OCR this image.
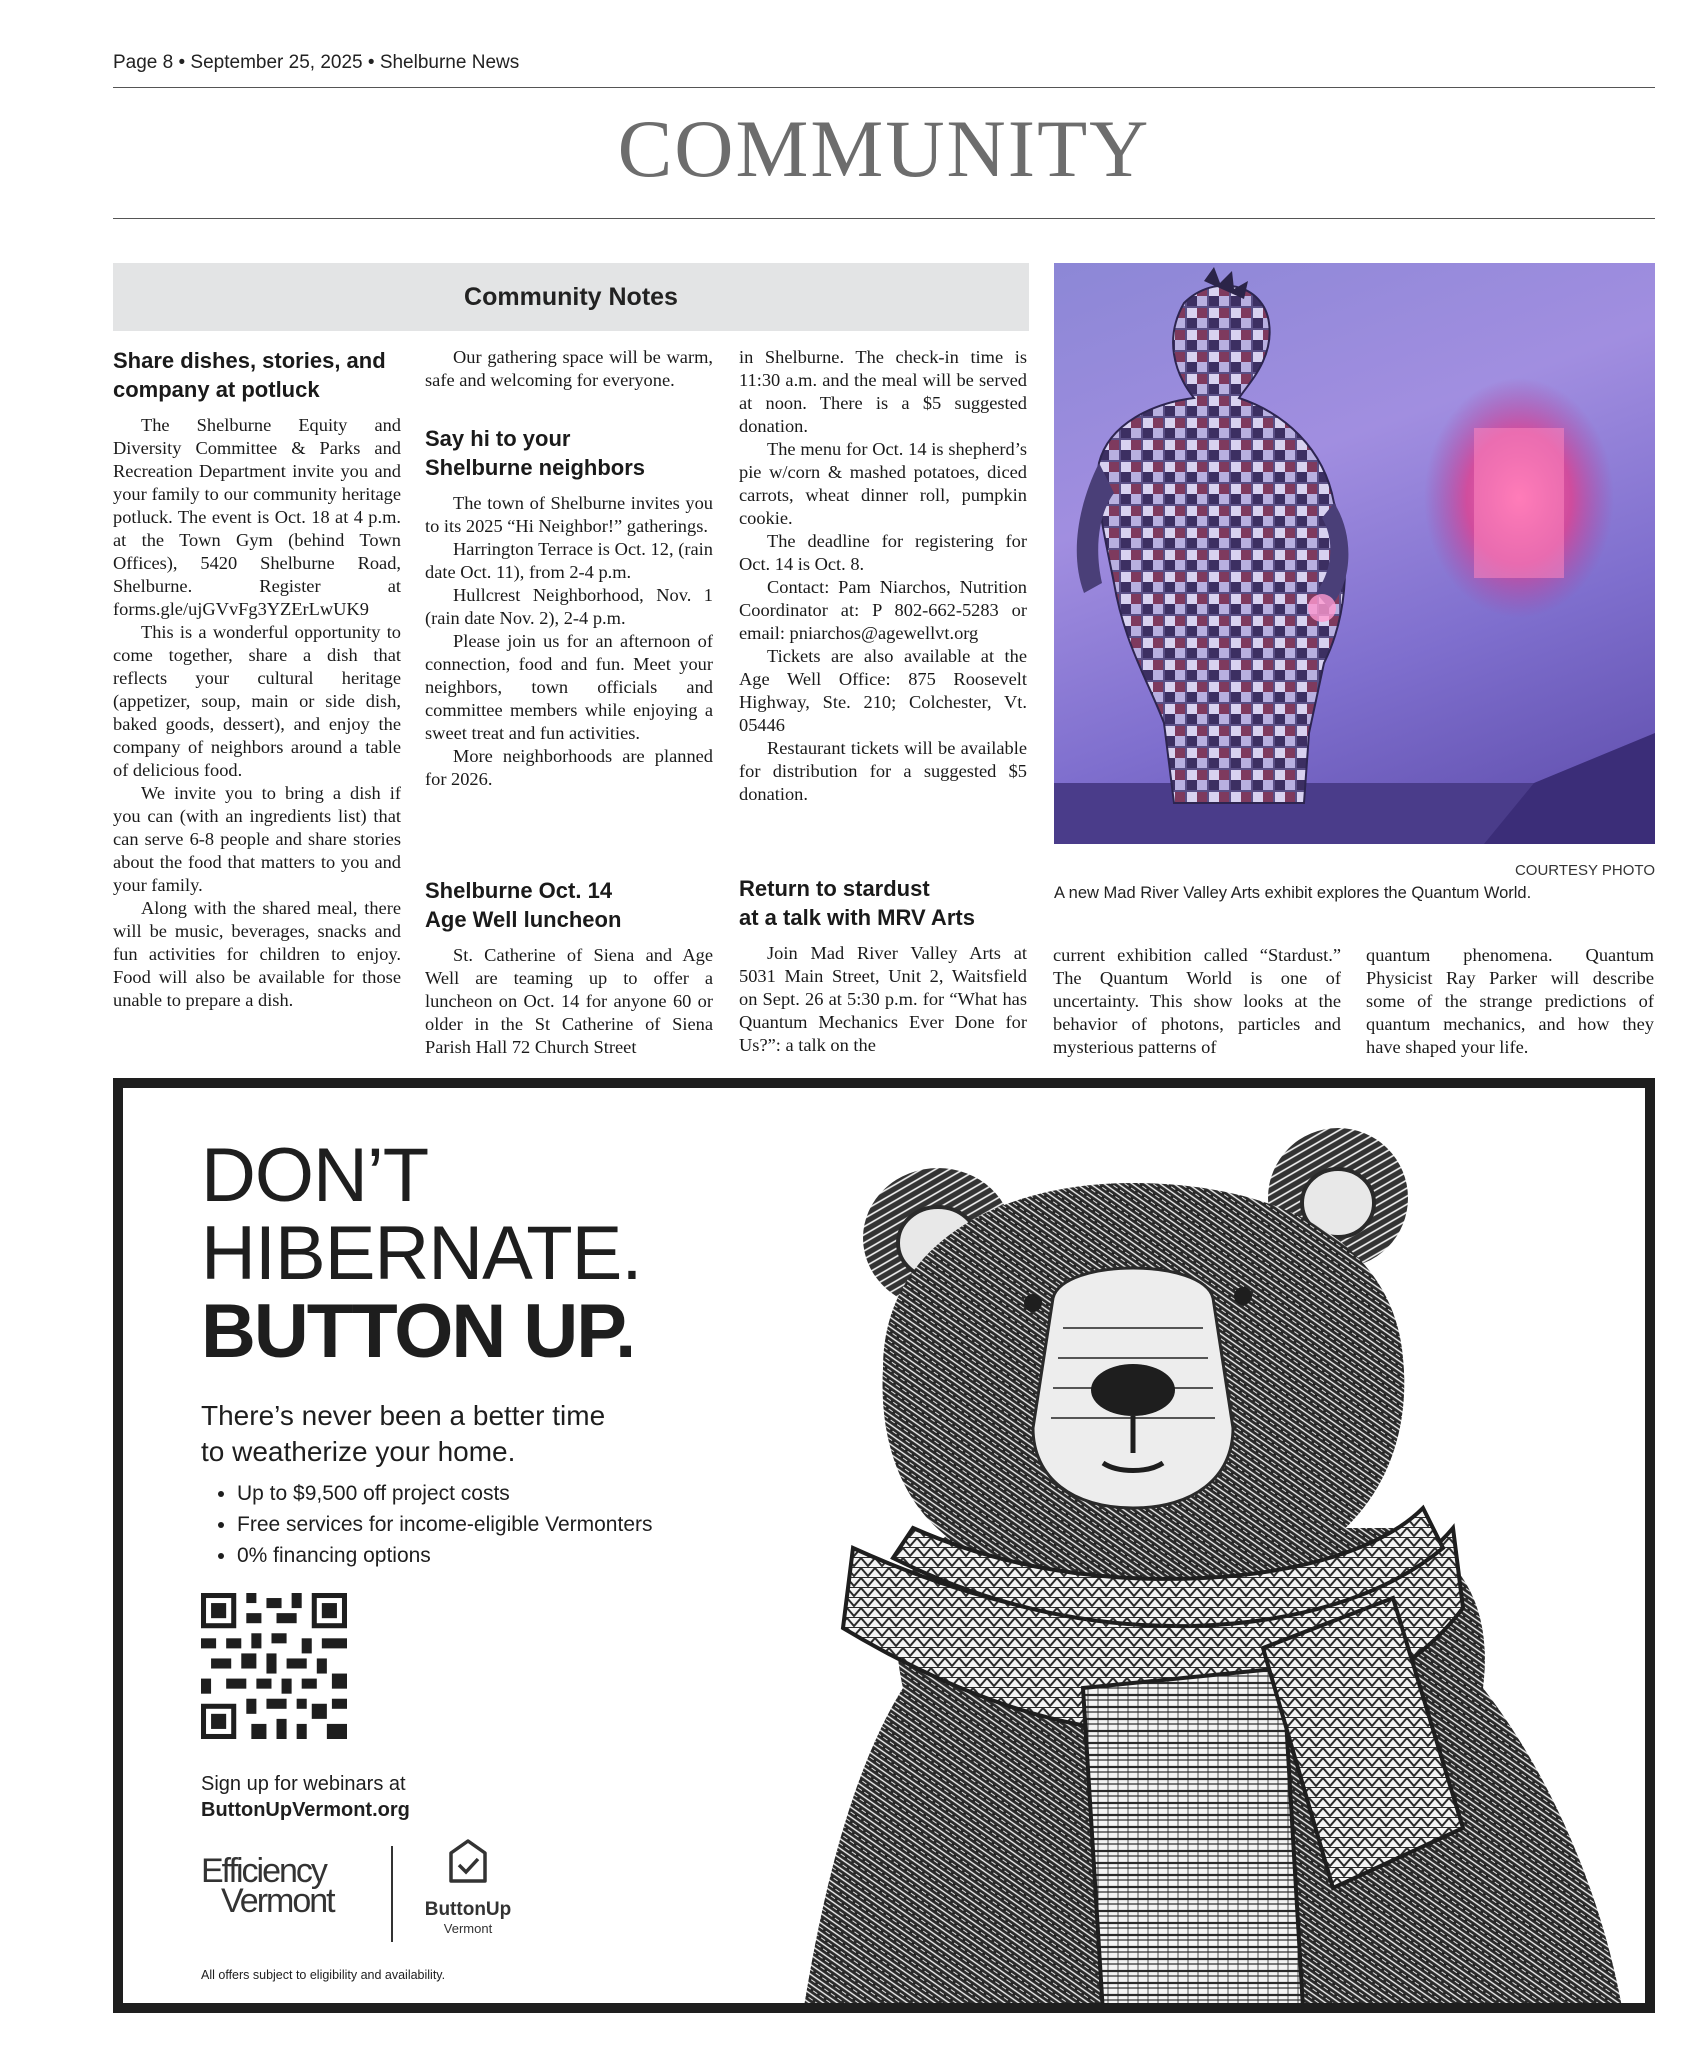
Page 8 • September 25, 2025 • Shelburne News
COMMUNITY
Community Notes
Share dishes, stories, and
company at potluck

The Shelburne Equity and Diversity Committee & Parks and Recreation Department invite you and your family to our community heritage potluck. The event is Oct. 18 at 4 p.m. at the Town Gym (behind Town Offices), 5420 Shelburne Road, Shelburne. Register at forms.gle/ujGVvFg3YZErLwUK9

This is a wonderful opportunity to come together, share a dish that reflects your cultural heritage (appetizer, soup, main or side dish, baked goods, dessert), and enjoy the company of neighbors around a table of delicious food.

We invite you to bring a dish if you can (with an ingredients list) that can serve 6-8 people and share stories about the food that matters to you and your family.

Along with the shared meal, there will be music, beverages, snacks and fun activities for children to enjoy. Food will also be available for those unable to prepare a dish.

Our gathering space will be warm, safe and welcoming for everyone.

Say hi to your
Shelburne neighbors

The town of Shelburne invites you to its 2025 “Hi Neighbor!” gatherings.

Harrington Terrace is Oct. 12, (rain date Oct. 11), from 2-4 p.m.

Hullcrest Neighborhood, Nov. 1 (rain date Nov. 2), 2-4 p.m.

Please join us for an afternoon of connection, food and fun. Meet your neighbors, town officials and committee members while enjoying a sweet treat and fun activities.

More neighborhoods are planned for 2026.

Shelburne Oct. 14
Age Well luncheon

St. Catherine of Siena and Age Well are teaming up to offer a luncheon on Oct. 14 for anyone 60 or older in the St Catherine of Siena Parish Hall 72 Church Street

in Shelburne. The check-in time is 11:30 a.m. and the meal will be served at noon. There is a $5 suggested donation.

The menu for Oct. 14 is shepherd’s pie w/corn & mashed potatoes, diced carrots, wheat dinner roll, pumpkin cookie.

The deadline for registering for Oct. 14 is Oct. 8.

Contact: Pam Niarchos, Nutrition Coordinator at: P 802-662-5283 or email: pniarchos@agewellvt.org

Tickets are also available at the Age Well Office: 875 Roosevelt Highway, Ste. 210; Colchester, Vt. 05446

Restaurant tickets will be available for distribution for a suggested $5 donation.

Return to stardust
at a talk with MRV Arts

Join Mad River Valley Arts at 5031 Main Street, Unit 2, Waitsfield on Sept. 26 at 5:30 p.m. for “What has Quantum Mechanics Ever Done for Us?”: a talk on the

current exhibition called “Stardust.” The Quantum World is one of uncertainty. This show looks at the behavior of photons, particles and mysterious patterns of

quantum phenomena. Quantum Physicist Ray Parker will describe some of the strange predictions of quantum mechanics, and how they have shaped your life.

COURTESY PHOTO
A new Mad River Valley Arts exhibit explores the Quantum World.
DON’T
HIBERNATE.
BUTTON UP.
There’s never been a better time
to weatherize your home.
• Up to $9,500 off project costs
• Free services for income-eligible Vermonters
• 0% financing options
Sign up for webinars at
ButtonUpVermont.org
Efficiency
Vermont	ButtonUp
Vermont
All offers subject to eligibility and availability.
